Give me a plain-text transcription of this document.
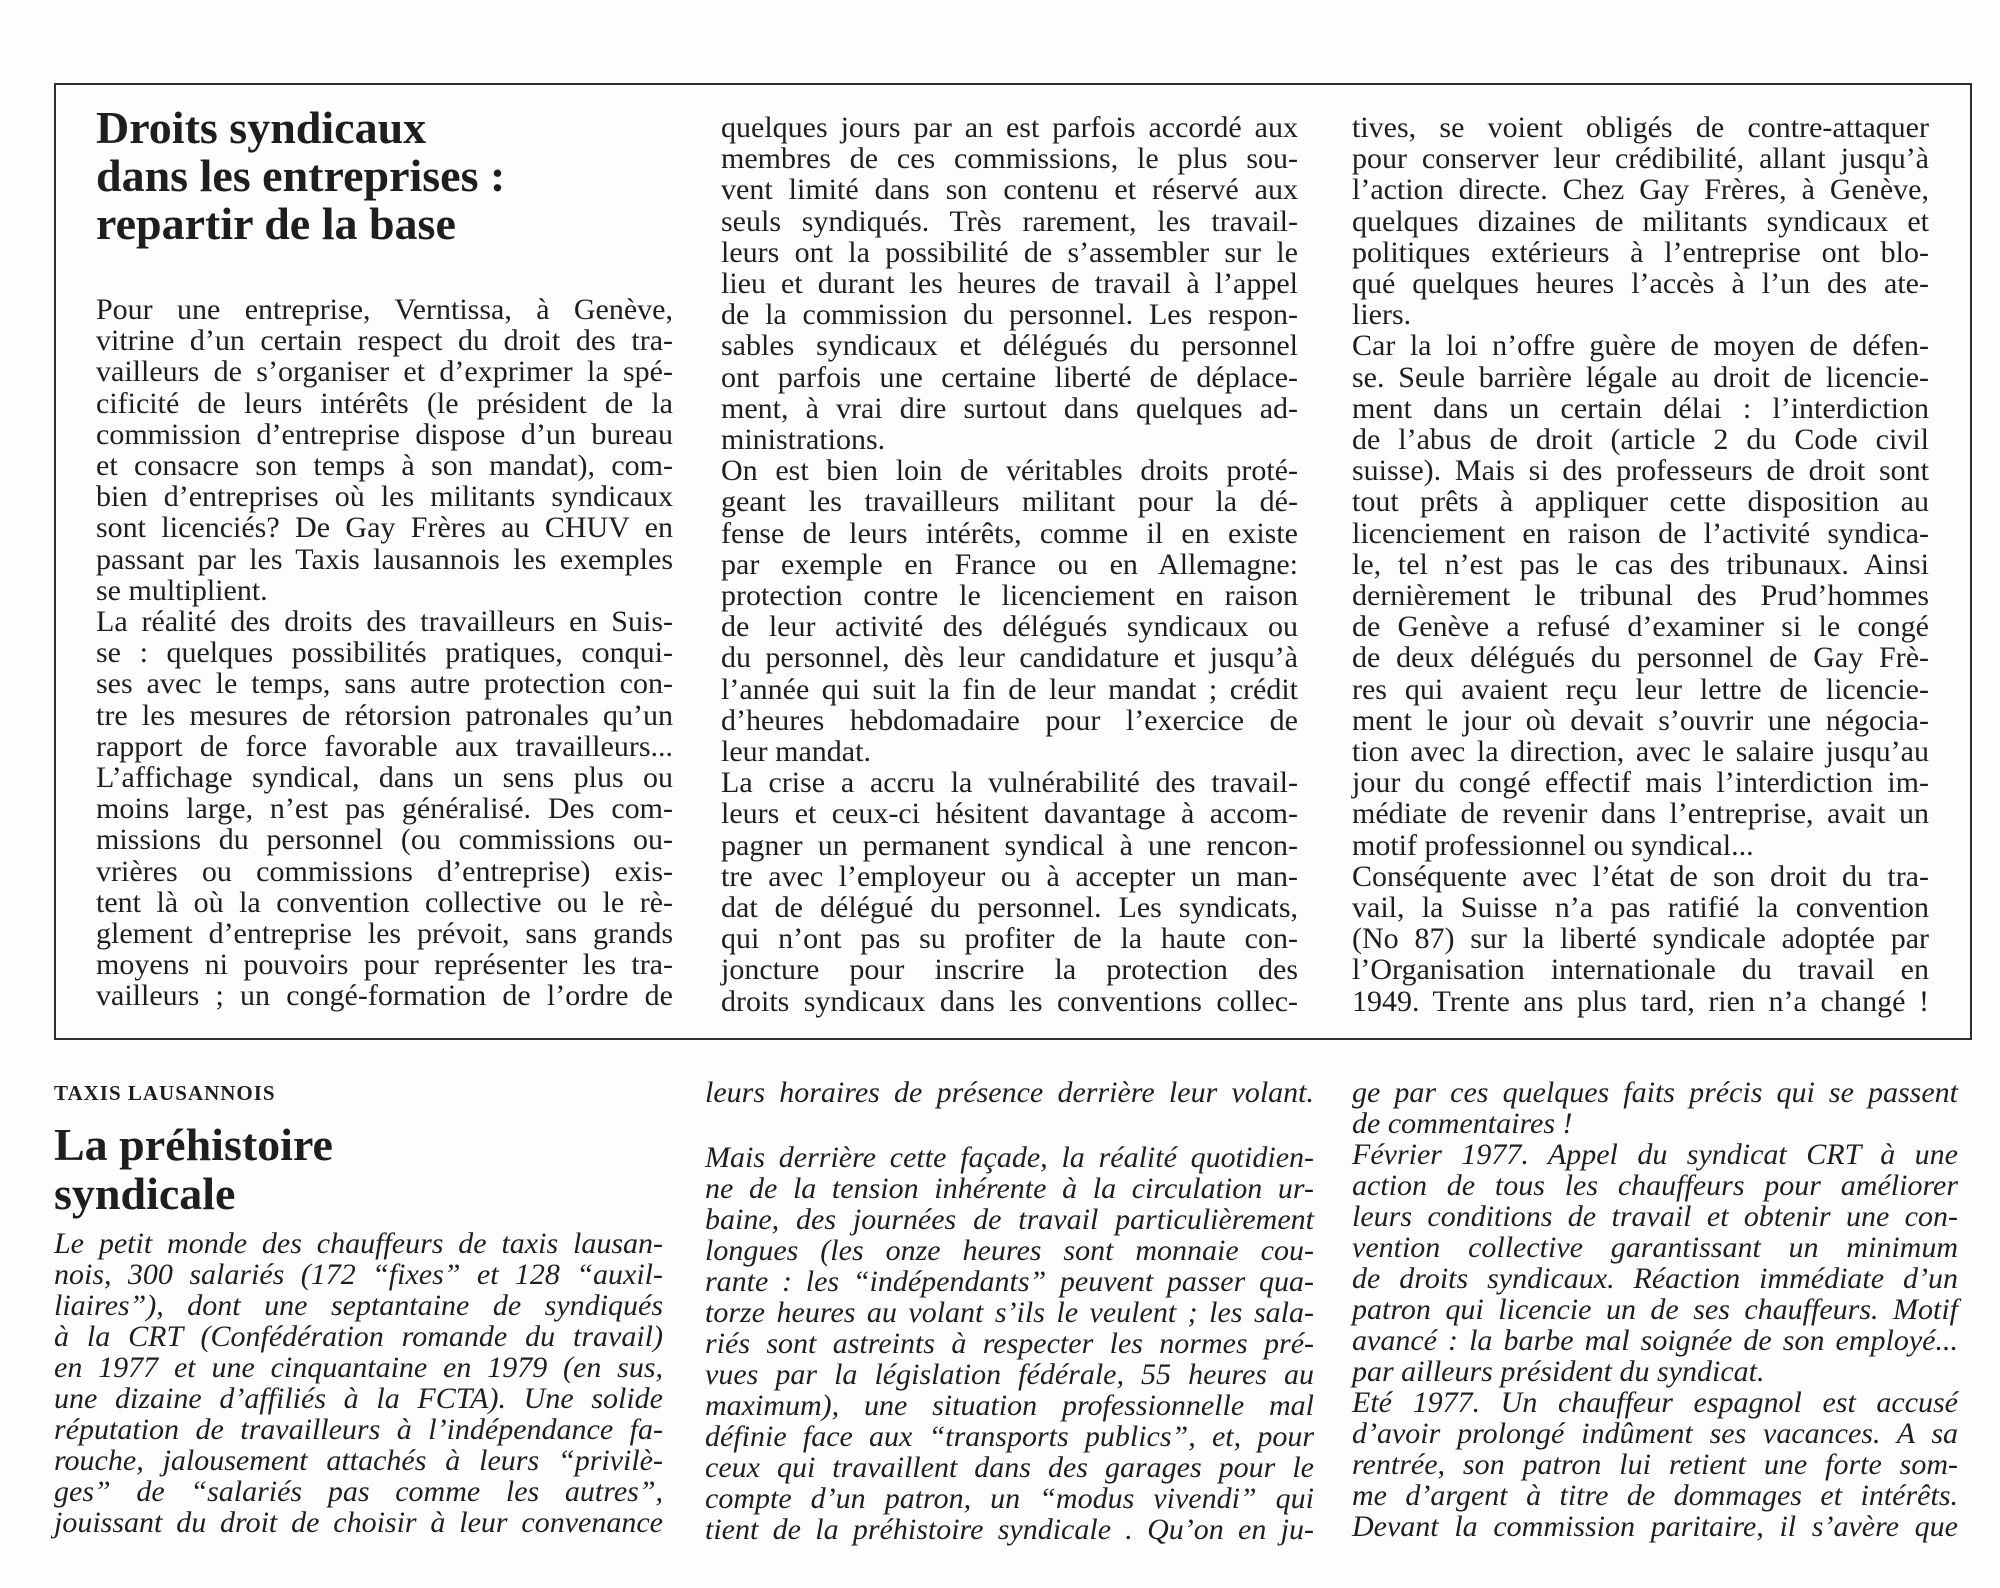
Droits syndicaux
dans les entreprises :
repartir de la base
Pour une entreprise, Verntissa, à Genève,
vitrine d’un certain respect du droit des tra-
vailleurs de s’organiser et d’exprimer la spé-
cificité de leurs intérêts (le président de la
commission d’entreprise dispose d’un bureau
et consacre son temps à son mandat), com-
bien d’entreprises où les militants syndicaux
sont licenciés? De Gay Frères au CHUV en
passant par les Taxis lausannois les exemples
se multiplient.
La réalité des droits des travailleurs en Suis-
se : quelques possibilités pratiques, conqui-
ses avec le temps, sans autre protection con-
tre les mesures de rétorsion patronales qu’un
rapport de force favorable aux travailleurs...
L’affichage syndical, dans un sens plus ou
moins large, n’est pas généralisé. Des com-
missions du personnel (ou commissions ou-
vrières ou commissions d’entreprise) exis-
tent là où la convention collective ou le rè-
glement d’entreprise les prévoit, sans grands
moyens ni pouvoirs pour représenter les tra-
vailleurs ; un congé-formation de l’ordre de
quelques jours par an est parfois accordé aux
membres de ces commissions, le plus sou-
vent limité dans son contenu et réservé aux
seuls syndiqués. Très rarement, les travail-
leurs ont la possibilité de s’assembler sur le
lieu et durant les heures de travail à l’appel
de la commission du personnel. Les respon-
sables syndicaux et délégués du personnel
ont parfois une certaine liberté de déplace-
ment, à vrai dire surtout dans quelques ad-
ministrations.
On est bien loin de véritables droits proté-
geant les travailleurs militant pour la dé-
fense de leurs intérêts, comme il en existe
par exemple en France ou en Allemagne:
protection contre le licenciement en raison
de leur activité des délégués syndicaux ou
du personnel, dès leur candidature et jusqu’à
l’année qui suit la fin de leur mandat ; crédit
d’heures hebdomadaire pour l’exercice de
leur mandat.
La crise a accru la vulnérabilité des travail-
leurs et ceux-ci hésitent davantage à accom-
pagner un permanent syndical à une rencon-
tre avec l’employeur ou à accepter un man-
dat de délégué du personnel. Les syndicats,
qui n’ont pas su profiter de la haute con-
joncture pour inscrire la protection des
droits syndicaux dans les conventions collec-
tives, se voient obligés de contre-attaquer
pour conserver leur crédibilité, allant jusqu’à
l’action directe. Chez Gay Frères, à Genève,
quelques dizaines de militants syndicaux et
politiques extérieurs à l’entreprise ont blo-
qué quelques heures l’accès à l’un des ate-
liers.
Car la loi n’offre guère de moyen de défen-
se. Seule barrière légale au droit de licencie-
ment dans un certain délai : l’interdiction
de l’abus de droit (article 2 du Code civil
suisse). Mais si des professeurs de droit sont
tout prêts à appliquer cette disposition au
licenciement en raison de l’activité syndica-
le, tel n’est pas le cas des tribunaux. Ainsi
dernièrement le tribunal des Prud’hommes
de Genève a refusé d’examiner si le congé
de deux délégués du personnel de Gay Frè-
res qui avaient reçu leur lettre de licencie-
ment le jour où devait s’ouvrir une négocia-
tion avec la direction, avec le salaire jusqu’au
jour du congé effectif mais l’interdiction im-
médiate de revenir dans l’entreprise, avait un
motif professionnel ou syndical...
Conséquente avec l’état de son droit du tra-
vail, la Suisse n’a pas ratifié la convention
(No 87) sur la liberté syndicale adoptée par
l’Organisation internationale du travail en
1949. Trente ans plus tard, rien n’a changé !
TAXIS LAUSANNOIS
La préhistoire
syndicale
Le petit monde des chauffeurs de taxis lausan-
nois, 300 salariés (172 “fixes” et 128 “auxil-
liaires”), dont une septantaine de syndiqués
à la CRT (Confédération romande du travail)
en 1977 et une cinquantaine en 1979 (en sus,
une dizaine d’affiliés à la FCTA). Une solide
réputation de travailleurs à l’indépendance fa-
rouche, jalousement attachés à leurs “privilè-
ges” de “salariés pas comme les autres”,
jouissant du droit de choisir à leur convenance
leurs horaires de présence derrière leur volant.
Mais derrière cette façade, la réalité quotidien-
ne de la tension inhérente à la circulation ur-
baine, des journées de travail particulièrement
longues (les onze heures sont monnaie cou-
rante : les “indépendants” peuvent passer qua-
torze heures au volant s’ils le veulent ; les sala-
riés sont astreints à respecter les normes pré-
vues par la législation fédérale, 55 heures au
maximum), une situation professionnelle mal
définie face aux “transports publics”, et, pour
ceux qui travaillent dans des garages pour le
compte d’un patron, un “modus vivendi” qui
tient de la préhistoire syndicale . Qu’on en ju-
ge par ces quelques faits précis qui se passent
de commentaires !
Février 1977. Appel du syndicat CRT à une
action de tous les chauffeurs pour améliorer
leurs conditions de travail et obtenir une con-
vention collective garantissant un minimum
de droits syndicaux. Réaction immédiate d’un
patron qui licencie un de ses chauffeurs. Motif
avancé : la barbe mal soignée de son employé...
par ailleurs président du syndicat.
Eté 1977. Un chauffeur espagnol est accusé
d’avoir prolongé indûment ses vacances. A sa
rentrée, son patron lui retient une forte som-
me d’argent à titre de dommages et intérêts.
Devant la commission paritaire, il s’avère que
